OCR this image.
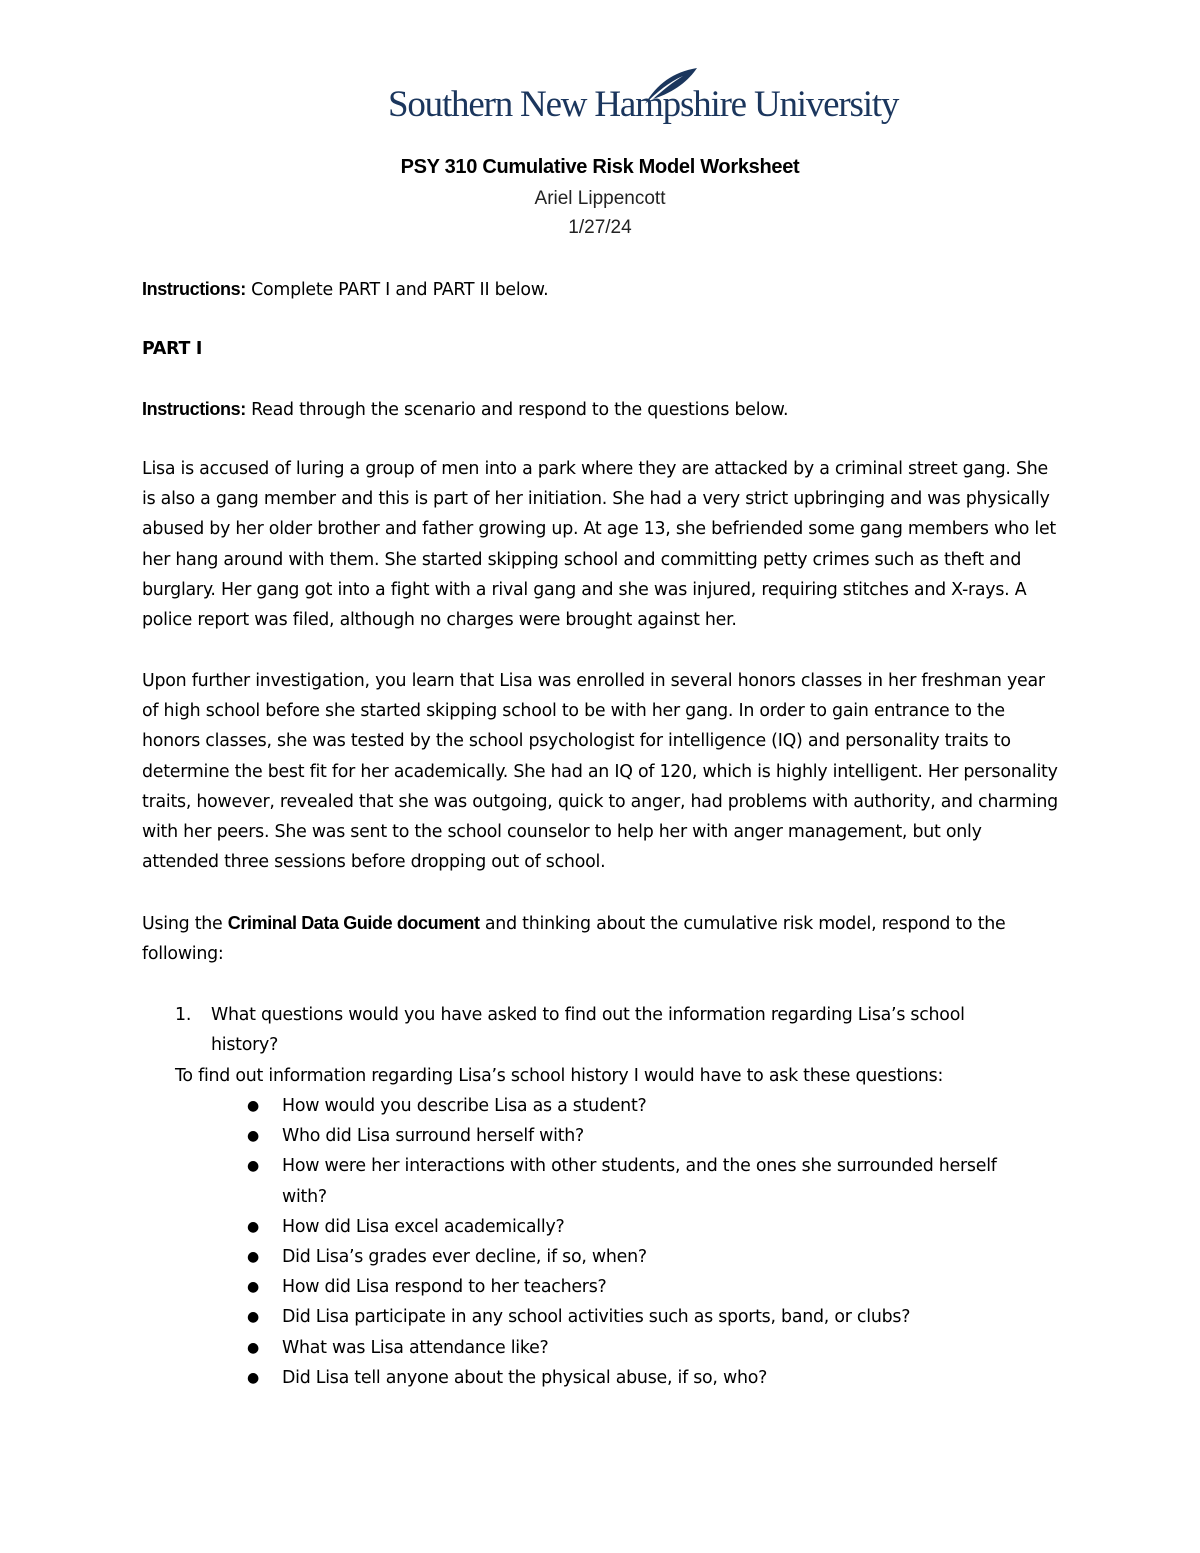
Southern New Hampshire University
PSY 310 Cumulative Risk Model Worksheet
Ariel Lippencott
1/27/24

Instructions: Complete PART I and PART II below.

PART I

Instructions: Read through the scenario and respond to the questions below.

Lisa is accused of luring a group of men into a park where they are attacked by a criminal street gang. She is also a gang member and this is part of her initiation. She had a very strict upbringing and was physically abused by her older brother and father growing up. At age 13, she befriended some gang members who let her hang around with them. She started skipping school and committing petty crimes such as theft and burglary. Her gang got into a fight with a rival gang and she was injured, requiring stitches and X-rays. A police report was filed, although no charges were brought against her.

Upon further investigation, you learn that Lisa was enrolled in several honors classes in her freshman year of high school before she started skipping school to be with her gang. In order to gain entrance to the honors classes, she was tested by the school psychologist for intelligence (IQ) and personality traits to determine the best fit for her academically. She had an IQ of 120, which is highly intelligent. Her personality traits, however, revealed that she was outgoing, quick to anger, had problems with authority, and charming with her peers. She was sent to the school counselor to help her with anger management, but only attended three sessions before dropping out of school.

Using the Criminal Data Guide document and thinking about the cumulative risk model, respond to the following:

1. What questions would you have asked to find out the information regarding Lisa’s school history?
To find out information regarding Lisa’s school history I would have to ask these questions:
● How would you describe Lisa as a student?
● Who did Lisa surround herself with?
● How were her interactions with other students, and the ones she surrounded herself with?
● How did Lisa excel academically?
● Did Lisa’s grades ever decline, if so, when?
● How did Lisa respond to her teachers?
● Did Lisa participate in any school activities such as sports, band, or clubs?
● What was Lisa attendance like?
● Did Lisa tell anyone about the physical abuse, if so, who?
